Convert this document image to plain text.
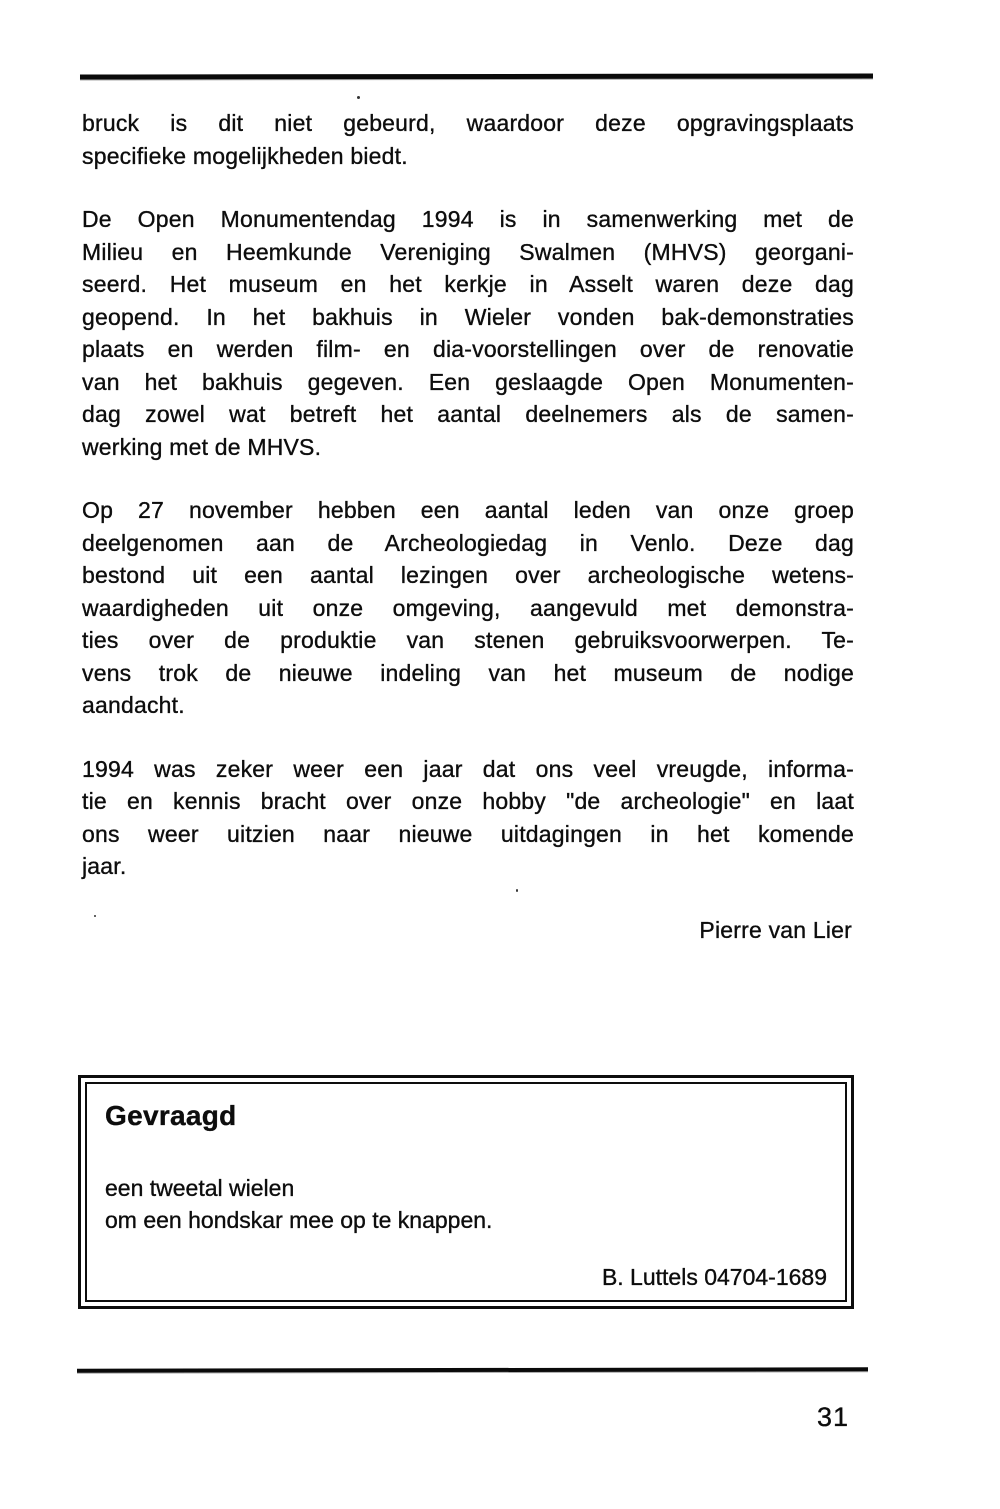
bruck is dit niet gebeurd, waardoor deze opgravingsplaats
specifieke mogelijkheden biedt.
De Open Monumentendag 1994 is in samenwerking met de
Milieu en Heemkunde Vereniging Swalmen (MHVS) georgani-
seerd. Het museum en het kerkje in Asselt waren deze dag
geopend. In het bakhuis in Wieler vonden bak-demonstraties
plaats en werden film- en dia-voorstellingen over de renovatie
van het bakhuis gegeven. Een geslaagde Open Monumenten-
dag zowel wat betreft het aantal deelnemers als de samen-
werking met de MHVS.
Op 27 november hebben een aantal leden van onze groep
deelgenomen aan de Archeologiedag in Venlo. Deze dag
bestond uit een aantal lezingen over archeologische wetens-
waardigheden uit onze omgeving, aangevuld met demonstra-
ties over de produktie van stenen gebruiksvoorwerpen. Te-
vens trok de nieuwe indeling van het museum de nodige
aandacht.
1994 was zeker weer een jaar dat ons veel vreugde, informa-
tie en kennis bracht over onze hobby "de archeologie" en laat
ons weer uitzien naar nieuwe uitdagingen in het komende
jaar.
Pierre van Lier
Gevraagd
een tweetal wielen
om een hondskar mee op te knappen.
B. Luttels 04704-1689
31
